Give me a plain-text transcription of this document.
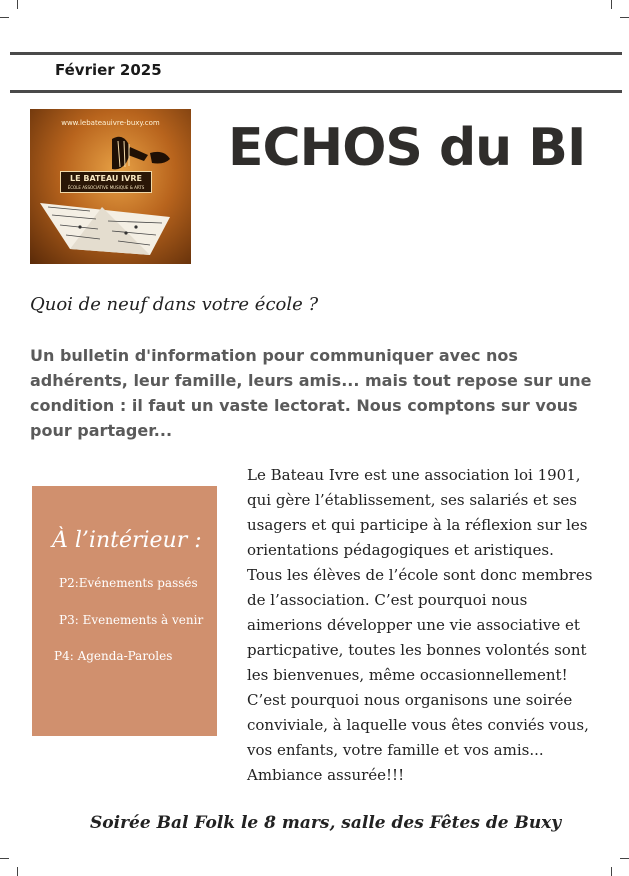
Février 2025
www.lebateauivre-buxy.com
LE BATEAU IVRE
ÉCOLE ASSOCIATIVE MUSIQUE & ARTS
ECHOS du BI
Quoi de neuf dans votre école ?
Un bulletin d'information pour communiquer avec nos adhérents, leur famille, leurs amis... mais tout repose sur une condition : il faut un vaste lectorat. Nous comptons sur vous pour partager...
À l’intérieur :
P2:Evénements passés
P3: Evenements à venir
P4: Agenda-Paroles

Le Bateau Ivre est une association loi 1901,

qui gère l’établissement, ses salariés et ses

usagers et qui participe à la réflexion sur les

orientations pédagogiques et aristiques.

Tous les élèves de l’école sont donc membres

de l’association. C’est pourquoi nous

aimerions développer une vie associative et

particpative, toutes les bonnes volontés sont

les bienvenues, même occasionnellement!

C’est pourquoi nous organisons une soirée

conviviale, à laquelle vous êtes conviés vous,

vos enfants, votre famille et vos amis...

Ambiance assurée!!!

Soirée Bal Folk le 8 mars, salle des Fêtes de Buxy
